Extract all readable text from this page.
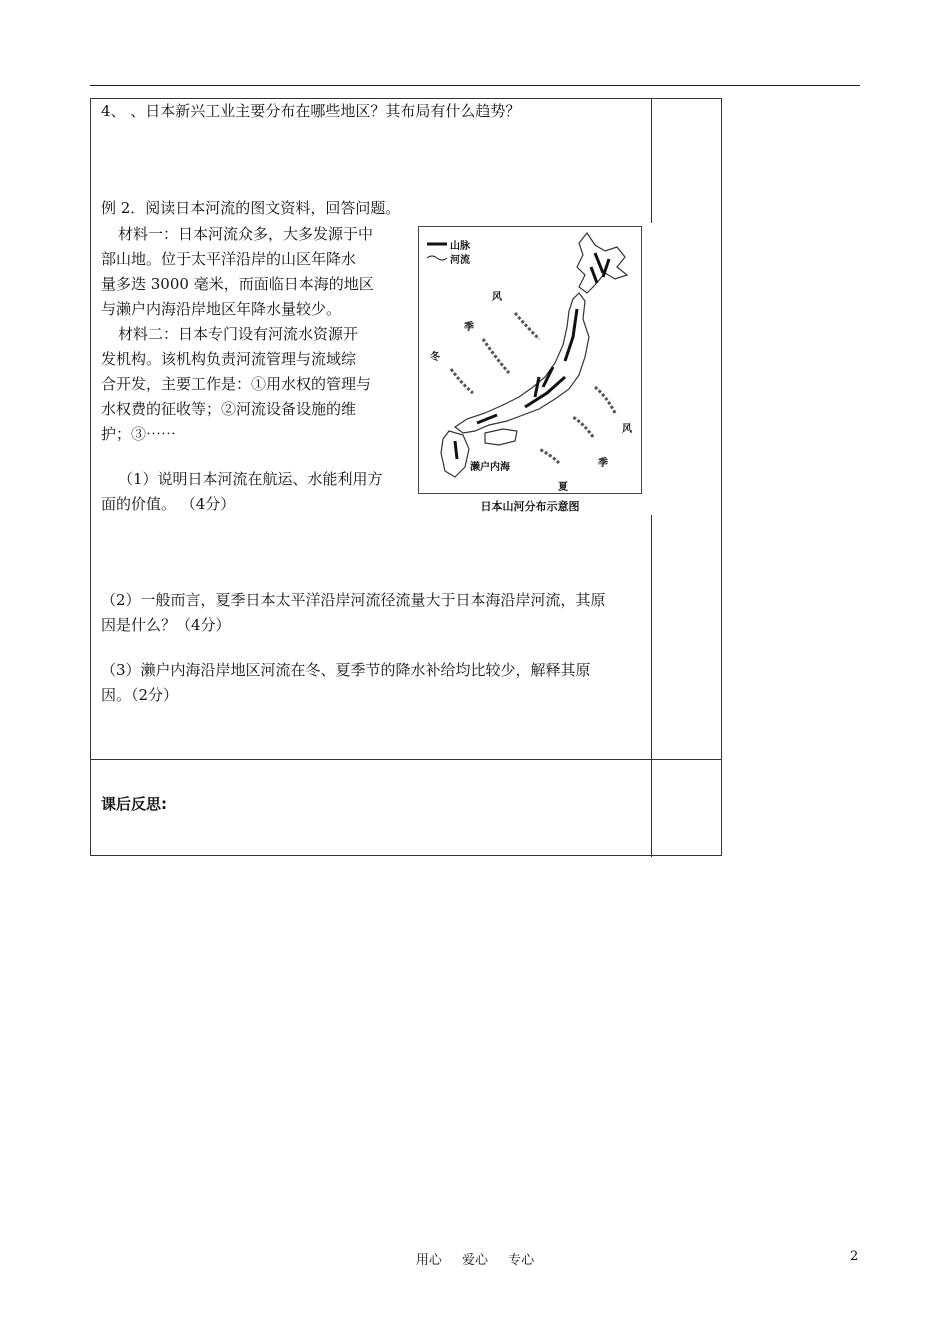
4、 、日本新兴工业主要分布在哪些地区？其布局有什么趋势？
例 2．阅读日本河流的图文资料，回答问题。
材料一：日本河流众多，大多发源于中
部山地。位于太平洋沿岸的山区年降水
量多迭 3000 毫米，而面临日本海的地区
与濑户内海沿岸地区年降水量较少。
材料二：日本专门设有河流水资源开
发机构。该机构负责河流管理与流域综
合开发，主要工作是：①用水权的管理与
水权费的征收等；②河流设备设施的维
护；③⋯⋯
（1）说明日本河流在航运、水能利用方
面的价值。 （4分）
（2）一般而言，夏季日本太平洋沿岸河流径流量大于日本海沿岸河流，其原
因是什么？（4分）
（3）濑户内海沿岸地区河流在冬、夏季节的降水补给均比较少，解释其原
因。（2分）
课后反思:
山脉
河流
风
季
冬
风
季
夏
濑户内海
日本山河分布示意图
用心 爱心 专心	2
